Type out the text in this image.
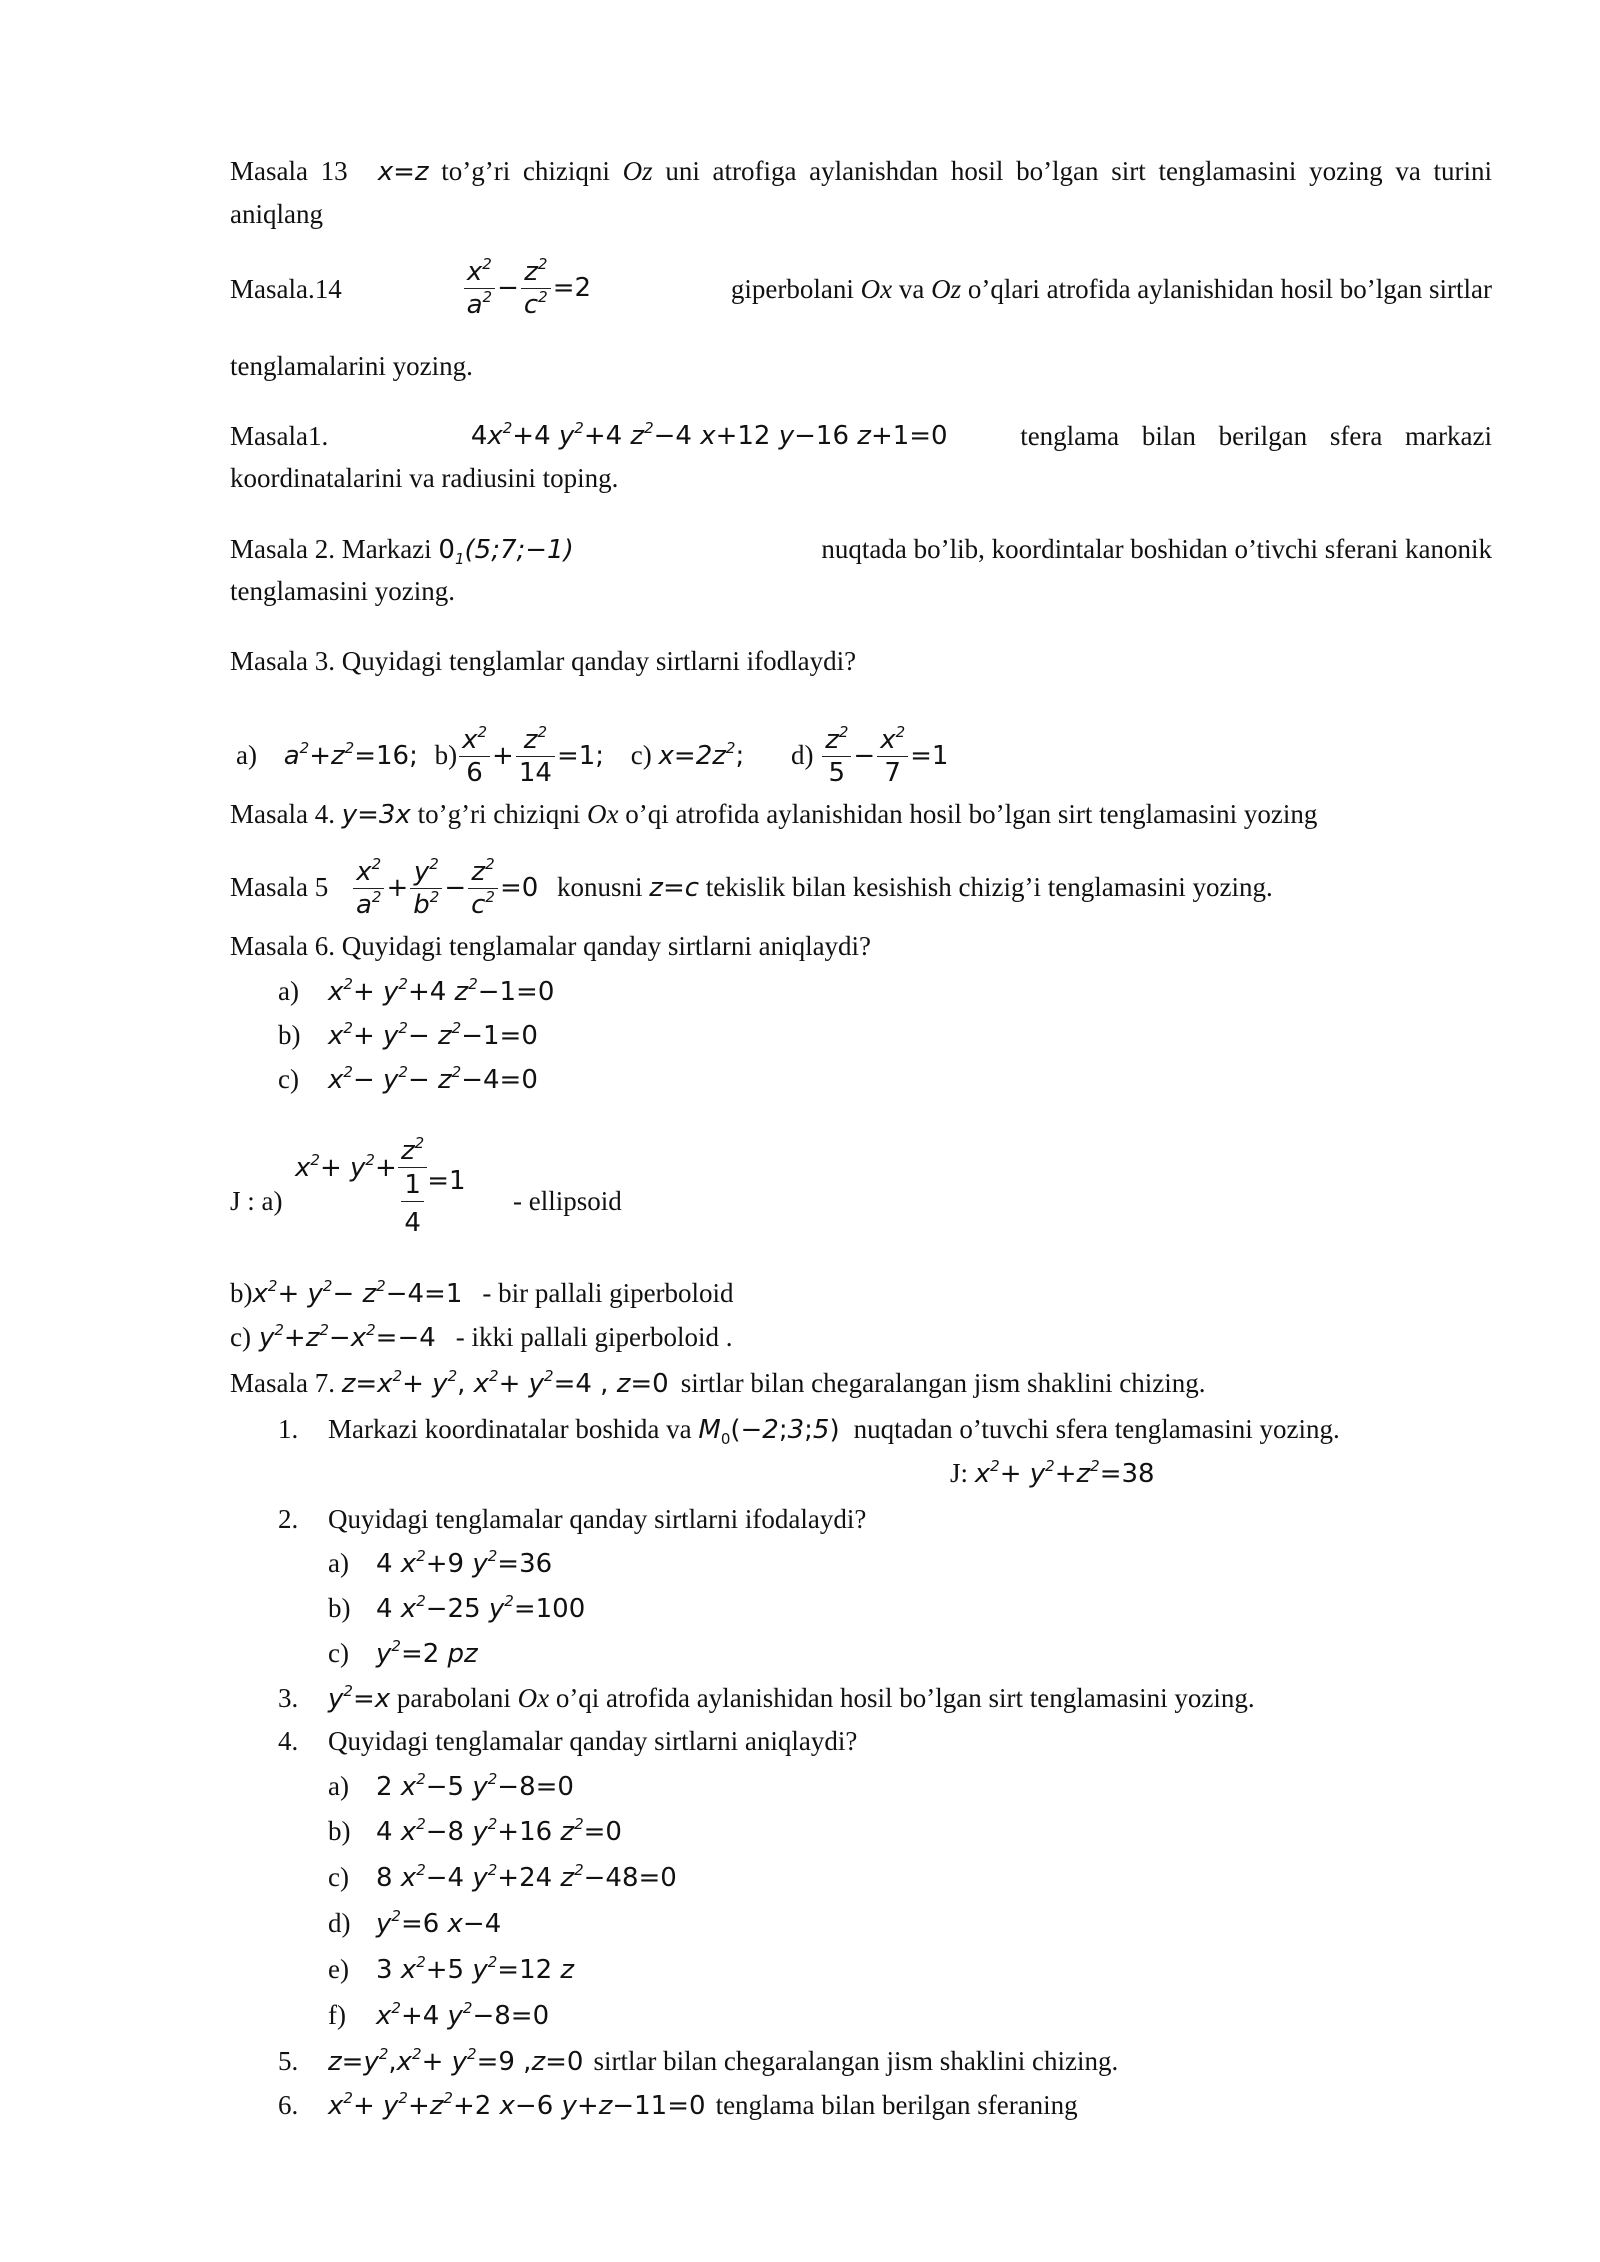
Masala 13 x=z to’g’ri chiziqni Oz uni atrofiga aylanishdan hosil bo’lgan sirt tenglamasini yozing va turini aniqlang
Masala.14	$\frac{x^2}{a^2} - \frac{z^2}{c^2} =2$	giperbolani Ox va Oz o’qlari atrofida aylanishidan hosil bo’lgan sirtlar
tenglamalarini yozing.
Masala1.	$4x^2+4$ $y^2+4$ $z^2-4$ x+12 y−16 z+1=0	tenglama bilan berilgan sfera markazi
koordinatalarini va radiusini toping.
Masala 2. Markazi $0_1(5;7;-1)$	nuqtada bo’lib, koordintalar boshidan o’tivchi sferani kanonik
tenglamasini yozing.
Masala 3. Quyidagi tenglamlar qanday sirtlarni ifodlaydi?
a) $a^2+z^2=16$; $b) \frac{x^2}{6} + \frac{z^2}{14} =1$; c) $x=2z^2$; $d) \frac{z^2}{5} - \frac{x^2}{7} =1$
Masala 4. y=3x to’g’ri chiziqni Ox o’qi atrofida aylanishidan hosil bo’lgan sirt tenglamasini yozing
Masala $5 \frac{x^2}{a^2} + \frac{y^2}{b^2} - \frac{z^2}{c^2} =0$ konusni z=c tekislik bilan kesishish chizig’i tenglamasini yozing.
Masala 6. Quyidagi tenglamalar qanday sirtlarni aniqlaydi?
a) $x^2+ y^2+4$ $z^2-1=0$
b) $x^2+ y^2- z^2-1=0$
c) $x^2- y^2- z^2-4=0$
J : a)
$x^2+ y^2+$
$z^2$
1
4
=1
- ellipsoid
$b)x^2+ y^2- z^2-4=1$ - bir pallali giperboloid
c) $y^2+z^2-x^2=-4$ - ikki pallali giperboloid .
Masala 7. $z=x^2+ y^2$, $x^2+ y^2=4$ , z=0 sirtlar bilan chegaralangan jism shaklini chizing.
1. Markazi koordinatalar boshida va $M_0(-2;3;5)$ nuqtadan o’tuvchi sfera tenglamasini yozing.
J: $x^2+ y^2+z^2=38$
2. Quyidagi tenglamalar qanday sirtlarni ifodalaydi?
a) 4 $x^2+9$ $y^2=36$
b) 4 $x^2-25$ $y^2=100$
c) $y^2=2$ pz
3. $y^2=x$ parabolani Ox o’qi atrofida aylanishidan hosil bo’lgan sirt tenglamasini yozing.
4. Quyidagi tenglamalar qanday sirtlarni aniqlaydi?
a) 2 $x^2-5$ $y^2-8=0$
b) 4 $x^2-8$ $y^2+16$ $z^2=0$
c) 8 $x^2-4$ $y^2+24$ $z^2-48=0$
d) $y^2=6$ x−4
e) 3 $x^2+5$ $y^2=12$ z
f) $x^2+4$ $y^2-8=0$
5. $z=y^2,x^2+ y^2=9$ ,z=0 sirtlar bilan chegaralangan jism shaklini chizing.
6. $x^2+ y^2+z^2+2$ x−6 y+z−11=0 tenglama bilan berilgan sferaning
